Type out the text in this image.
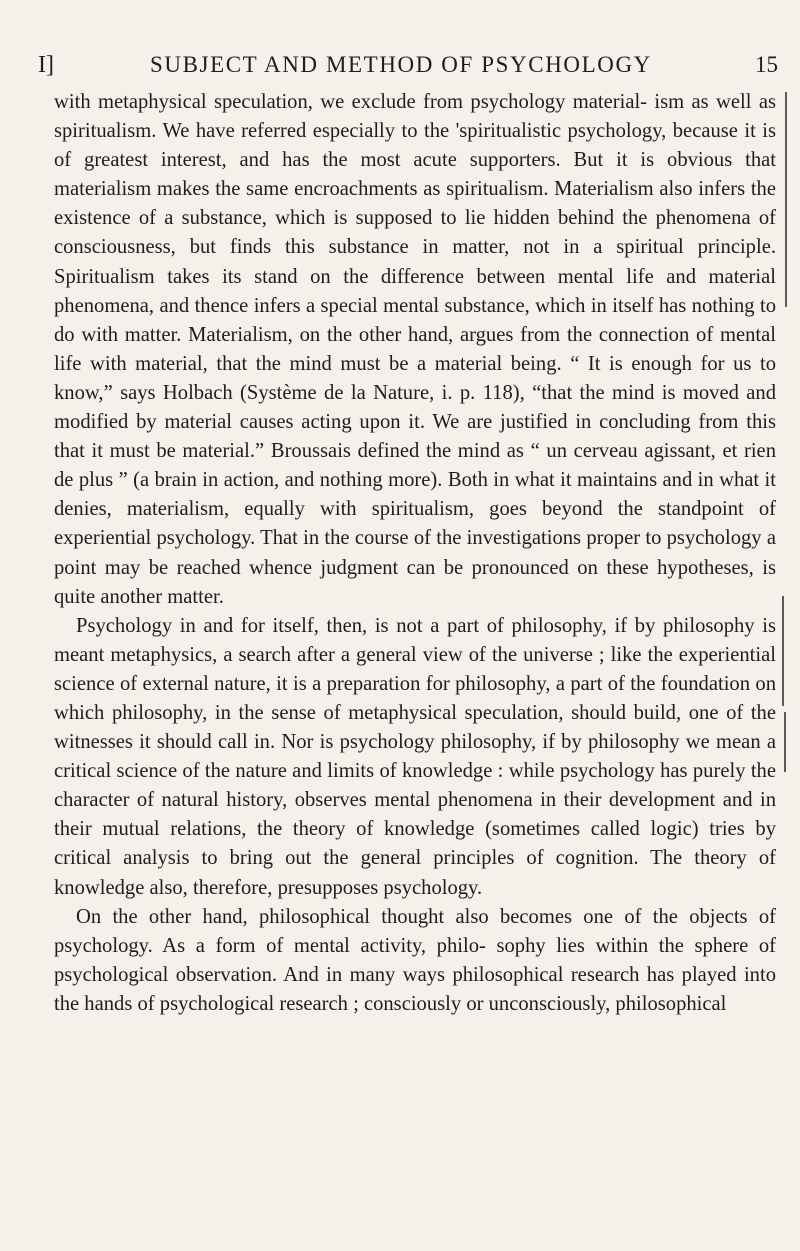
I]	SUBJECT AND METHOD OF PSYCHOLOGY	15

with metaphysical speculation, we exclude from psychology material- ism as well as spiritualism. We have referred especially to the 'spiritualistic psychology, because it is of greatest interest, and has the most acute supporters. But it is obvious that materialism makes the same encroachments as spiritualism. Materialism also infers the existence of a substance, which is supposed to lie hidden behind the phenomena of consciousness, but finds this substance in matter, not in a spiritual principle. Spiritualism takes its stand on the difference between mental life and material phenomena, and thence infers a special mental substance, which in itself has nothing to do with matter. Materialism, on the other hand, argues from the connection of mental life with material, that the mind must be a material being. “ It is enough for us to know,” says Holbach (Système de la Nature, i. p. 118), “that the mind is moved and modified by material causes acting upon it. We are justified in concluding from this that it must be material.” Broussais defined the mind as “ un cerveau agissant, et rien de plus ” (a brain in action, and nothing more). Both in what it maintains and in what it denies, materialism, equally with spiritualism, goes beyond the standpoint of experiential psychology. That in the course of the investigations proper to psychology a point may be reached whence judgment can be pronounced on these hypotheses, is quite another matter.

Psychology in and for itself, then, is not a part of philosophy, if by philosophy is meant metaphysics, a search after a general view of the universe ; like the experiential science of external nature, it is a preparation for philosophy, a part of the foundation on which philosophy, in the sense of metaphysical speculation, should build, one of the witnesses it should call in. Nor is psychology philosophy, if by philosophy we mean a critical science of the nature and limits of knowledge : while psychology has purely the character of natural history, observes mental phenomena in their development and in their mutual relations, the theory of knowledge (sometimes called logic) tries by critical analysis to bring out the general principles of cognition. The theory of knowledge also, therefore, presupposes psychology.

On the other hand, philosophical thought also becomes one of the objects of psychology. As a form of mental activity, philo- sophy lies within the sphere of psychological observation. And in many ways philosophical research has played into the hands of psychological research ; consciously or unconsciously, philosophical
